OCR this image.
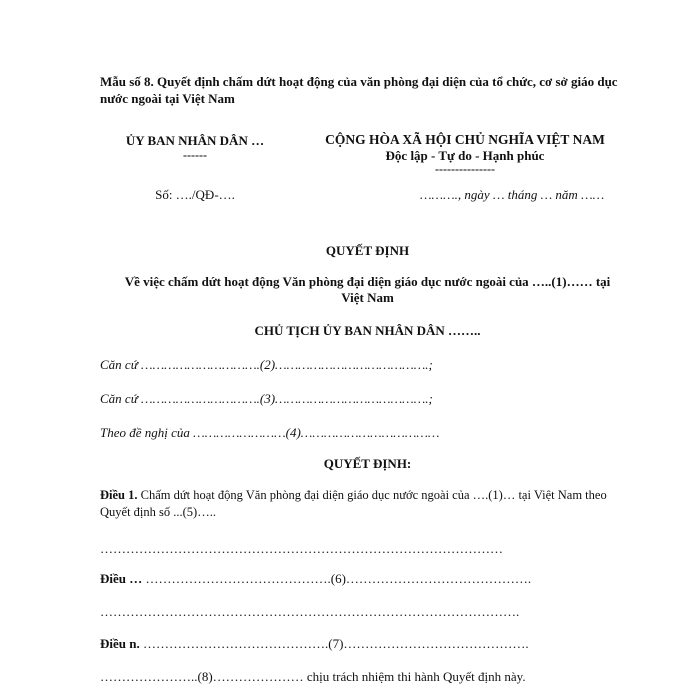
Mẫu số 8. Quyết định chấm dứt hoạt động của văn phòng đại diện của tổ chức, cơ sở giáo dục nước ngoài tại Việt Nam
ỦY BAN NHÂN DÂN …
------
CỘNG HÒA XÃ HỘI CHỦ NGHĨA VIỆT NAM
Độc lập - Tự do - Hạnh phúc
---------------
Số: …./QĐ-….	………., ngày … tháng … năm ……
QUYẾT ĐỊNH
Về việc chấm dứt hoạt động Văn phòng đại diện giáo dục nước ngoài của …..(1)…… tại
Việt Nam
CHỦ TỊCH ỦY BAN NHÂN DÂN ……..
Căn cứ ………………………….(2)………………………………….;
Căn cứ ………………………….(3)………………………………….;
Theo đề nghị của ……………………(4)………………………………
QUYẾT ĐỊNH:
Điều 1. Chấm dứt hoạt động Văn phòng đại diện giáo dục nước ngoài của ….(1)… tại Việt Nam theo Quyết định số ...(5)…..
…………………………………………………………………………………
Điều … …………………………………….(6)…………………………………….
…………………………………………………………………………………….
Điều n. …………………………………….(7)…………………………………….
…………………..(8)………………… chịu trách nhiệm thi hành Quyết định này.
